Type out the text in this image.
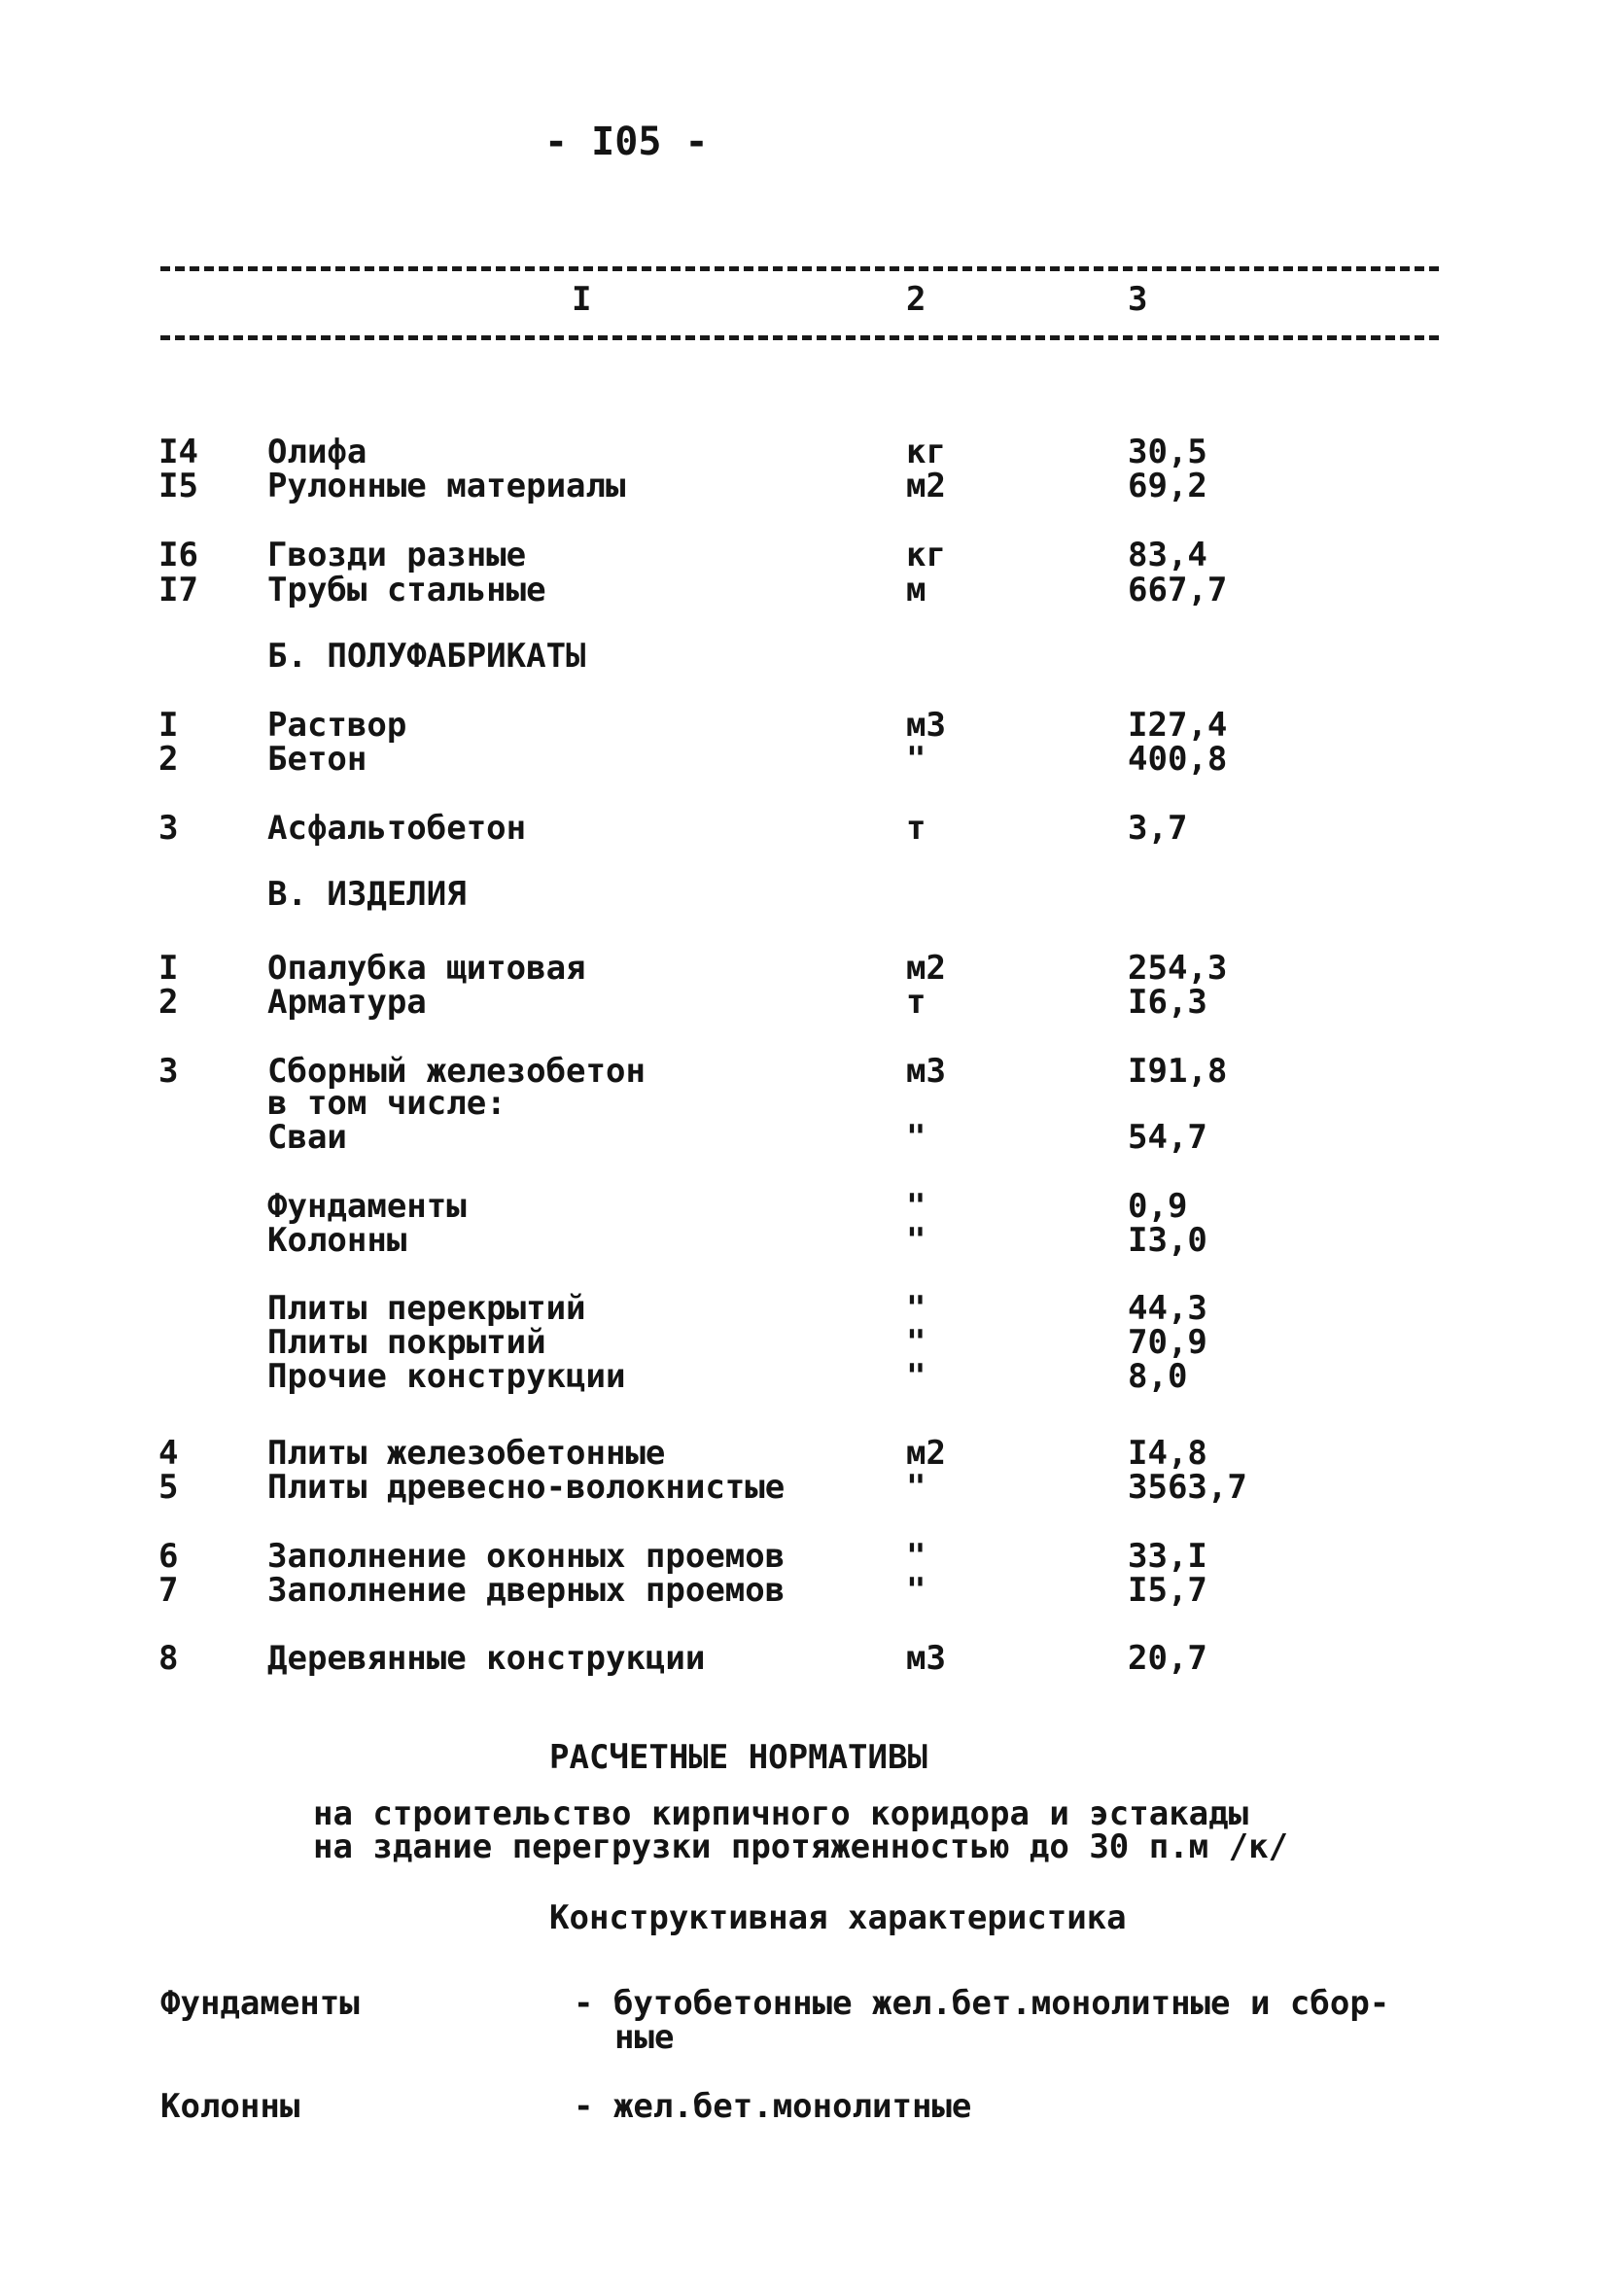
- I05 -
I	2	3
I4 Олифа	кг	30,5
I5 Рулонные материалы	м2	69,2
I6 Гвозди разные	кг	83,4
I7 Трубы стальные	м	667,7
Б. ПОЛУФАБРИКАТЫ
I	Раствор	м3	I27,4
2	Бетон	"	400,8
3	Асфальтобетон	т	3,7
В. ИЗДЕЛИЯ
I	Опалубка щитовая	м2	254,3
2	Арматура	т	I6,3
3	Сборный железобетон	м3	I91,8
в том числе:
Сваи	"	54,7
Фундаменты	"	0,9
Колонны	"	I3,0
Плиты перекрытий	"	44,3
Плиты покрытий	"	70,9
Прочие конструкции	"	8,0
4	Плиты железобетонные	м2	I4,8
5	Плиты древесно-волокнистые	"	3563,7
6	Заполнение оконных проемов	"	33,I
7	Заполнение дверных проемов	"	I5,7
8	Деревянные конструкции	м3	20,7
РАСЧЕТНЫЕ НОРМАТИВЫ
на строительство кирпичного коридора и эстакады
на здание перегрузки протяженностью до 30 п.м /к/
Конструктивная характеристика
Фундаменты	- бутобетонные жел.бет.монолитные и сбор-
ные
Колонны	- жел.бет.монолитные
